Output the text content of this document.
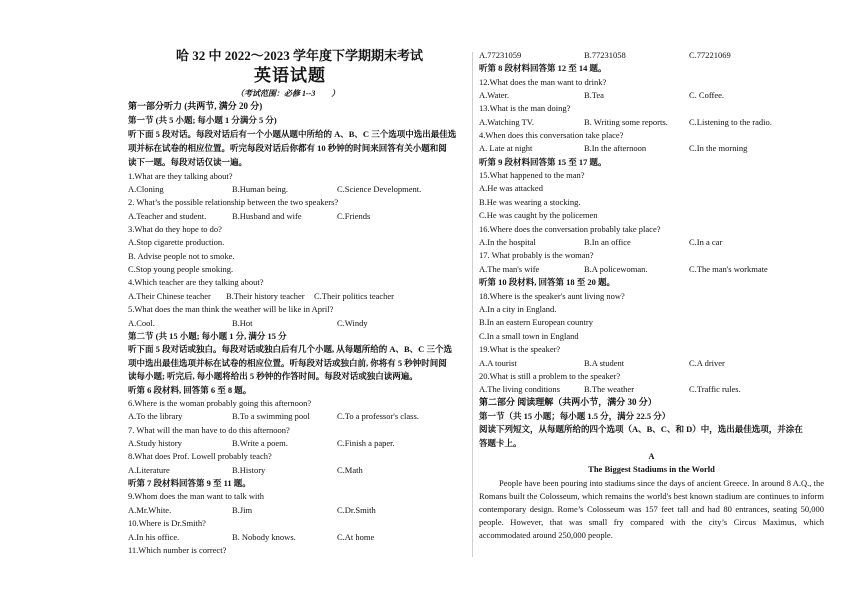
哈 32 中 2022～2023 学年度下学期期末考试
英语试题
（考试范围：必修 1--3　　）
第一部分听力 (共两节, 满分 20 分)
第一节 (共 5 小题; 每小题 1 分满分 5 分)
听下面 5 段对话。每段对话后有一个小题从题中所给的 A、B、C 三个选项中选出最佳选
项并标在试卷的相应位置。听完每段对话后你都有 10 秒钟的时间来回答有关小题和阅
读下一题。每段对话仅读一遍。
1.What are they talking about?
A.Cloning	B.Human being.	C.Science Development.
2. What’s the possible relationship between the two speakers?
A.Teacher and student.	B.Husband and wife	C.Friends
3.What do they hope to do?
A.Stop cigarette production.
B. Advise people not to smoke.
C.Stop young people smoking.
4.Which teacher are they talking about?
A.Their Chinese teacher B.Their history teacher C.Their politics teacher
5.What does the man think the weather will be like in April?
A.Cool.	B.Hot	C.Windy
第二节 (共 15 小题; 每小题 1 分, 满分 15 分
听下面 5 段对话或独白。每段对话或独白后有几个小题, 从每题所给的 A、B、C 三个选
项中选出最佳选项并标在试卷的相应位置。听每段对话或独白前, 你将有 5 秒钟时间阅
读每小题; 听完后, 每小题将给出 5 秒钟的作答时间。每段对话或独白读两遍。
听第 6 段材料, 回答第 6 至 8 题。
6.Where is the woman probably going this afternoon?
A.To the library	B.To a swimming pool	C.To a professor's class.
7. What will the man have to do this afternoon?
A.Study history	B.Write a poem.	C.Finish a paper.
8.What does Prof. Lowell probably teach?
A.Literature	B.History	C.Math
听第 7 段材料回答第 9 至 11 题。
9.Whom does the man want to talk with
A.Mr.White.	B.Jim	C.Dr.Smith
10.Where is Dr.Smith?
A.In his office.	B. Nobody knows.	C.At home
11.Which number is correct?
A.77231059	B.77231058	C.77221069
听第 8 段材料回答第 12 至 14 题。
12.What does the man want to drink?
A.Water.	B.Tea	C. Coffee.
13.What is the man doing?
A.Watching TV.	B. Writing some reports. C.Listening to the radio.
4.When does this conversation take place?
A. Late at night	B.In the afternoon	C.In the morning
听第 9 段材料回答第 15 至 17 题。
15.What happened to the man?
A.He was attacked
B.He was wearing a stocking.
C.He was caught by the policemen
16.Where does the conversation probably take place?
A.In the hospital	B.In an office	C.In a car
17. What probably is the woman?
A.The man's wife	B.A policewoman.	C.The man's workmate
听第 10 段材料, 回答第 18 至 20 题。
18.Where is the speaker's aunt living now?
A.In a city in England.
B.In an eastern European country
C.In a small town in England
19.What is the speaker?
A.A tourist	B.A student	C.A driver
20.What is still a problem to the speaker?
A.The living conditions	B.The weather	C.Traffic rules.
第二部分 阅读理解（共两小节，满分 30 分）
第一节（共 15 小题；每小题 1.5 分，满分 22.5 分）
阅读下列短文，从每题所给的四个选项（A、B、C、和 D）中，选出最佳选项，并涂在
答题卡上。
A
The Biggest Stadiums in the World
People have been pouring into stadiums since the days of ancient Greece. In around 8 A.Q., the Romans built the Colosseum, which remains the world's best known stadium are continues to inform contemporary design. Rome’s Colosseum was 157 feet tall and had 80 entrances, seating 50,000 people. However, that was small fry compared with the city’s Circus Maximus, which accommodated around 250,000 people.
